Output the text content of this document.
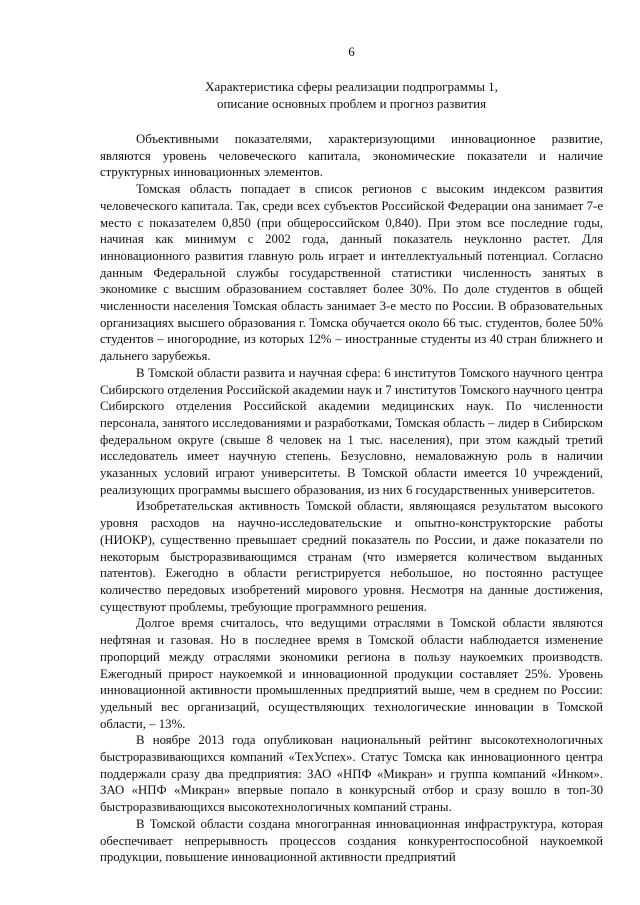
6
Характеристика сферы реализации подпрограммы 1,
описание основных проблем и прогноз развития

Объективными показателями, характеризующими инновационное развитие, являются уровень человеческого капитала, экономические показатели и наличие структурных инновационных элементов.

Томская область попадает в список регионов с высоким индексом развития человеческого капитала. Так, среди всех субъектов Российской Федерации она занимает 7-е место с показателем 0,850 (при общероссийском 0,840). При этом все последние годы, начиная как минимум с 2002 года, данный показатель неуклонно растет. Для инновационного развития главную роль играет и интеллектуальный потенциал. Согласно данным Федеральной службы государственной статистики численность занятых в экономике с высшим образованием составляет более 30%. По доле студентов в общей численности населения Томская область занимает 3-е место по России. В образовательных организациях высшего образования г. Томска обучается около 66 тыс. студентов, более 50% студентов – иногородние, из которых 12% – иностранные студенты из 40 стран ближнего и дальнего зарубежья.

В Томской области развита и научная сфера: 6 институтов Томского научного центра Сибирского отделения Российской академии наук и 7 институтов Томского научного центра Сибирского отделения Российской академии медицинских наук. По численности персонала, занятого исследованиями и разработками, Томская область – лидер в Сибирском федеральном округе (свыше 8 человек на 1 тыс. населения), при этом каждый третий исследователь имеет научную степень. Безусловно, немаловажную роль в наличии указанных условий играют университеты. В Томской области имеется 10 учреждений, реализующих программы высшего образования, из них 6 государственных университетов.

Изобретательская активность Томской области, являющаяся результатом высокого уровня расходов на научно-исследовательские и опытно-конструкторские работы (НИОКР), существенно превышает средний показатель по России, и даже показатели по некоторым быстроразвивающимся странам (что измеряется количеством выданных патентов). Ежегодно в области регистрируется небольшое, но постоянно растущее количество передовых изобретений мирового уровня. Несмотря на данные достижения, существуют проблемы, требующие программного решения.

Долгое время считалось, что ведущими отраслями в Томской области являются нефтяная и газовая. Но в последнее время в Томской области наблюдается изменение пропорций между отраслями экономики региона в пользу наукоемких производств. Ежегодный прирост наукоемкой и инновационной продукции составляет 25%. Уровень инновационной активности промышленных предприятий выше, чем в среднем по России: удельный вес организаций, осуществляющих технологические инновации в Томской области, – 13%.

В ноябре 2013 года опубликован национальный рейтинг высокотехнологичных быстроразвивающихся компаний «ТехУспех». Статус Томска как инновационного центра поддержали сразу два предприятия: ЗАО «НПФ «Микран» и группа компаний «Инком». ЗАО «НПФ «Микран» впервые попало в конкурсный отбор и сразу вошло в топ-30 быстроразвивающихся высокотехнологичных компаний страны.

В Томской области создана многогранная инновационная инфраструктура, которая обеспечивает непрерывность процессов создания конкурентоспособной наукоемкой продукции, повышение инновационной активности предприятий
